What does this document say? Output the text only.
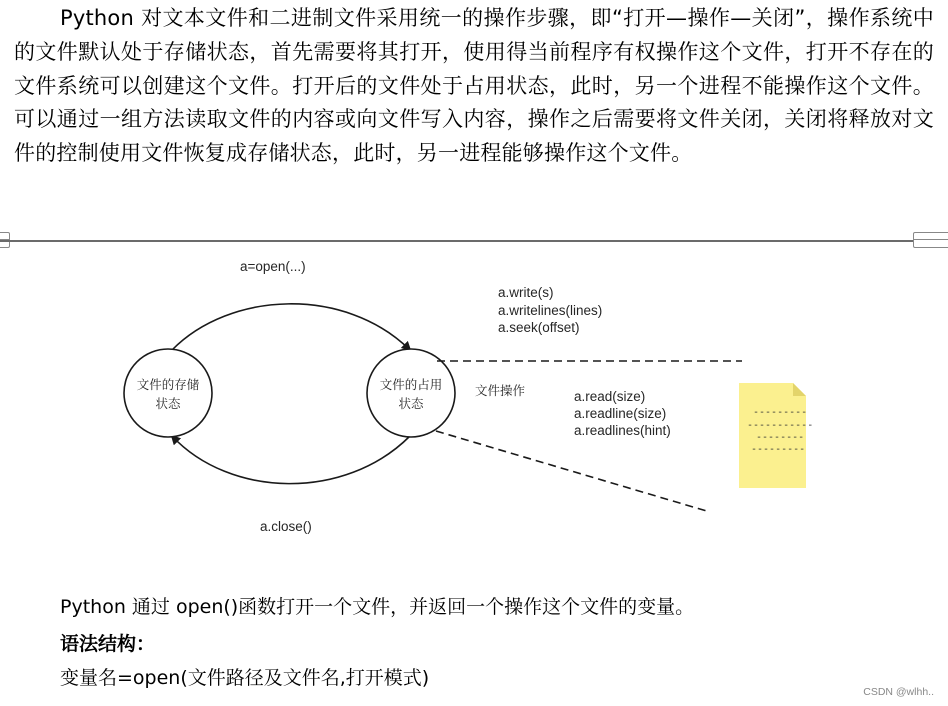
Python 对文本文件和二进制文件采用统一的操作步骤，即“打开—操作—关闭”，操作系统中的文件默认处于存储状态，首先需要将其打开，使用得当前程序有权操作这个文件，打开不存在的文件系统可以创建这个文件。打开后的文件处于占用状态，此时，另一个进程不能操作这个文件。可以通过一组方法读取文件的内容或向文件写入内容，操作之后需要将文件关闭，关闭将释放对文件的控制使用文件恢复成存储状态，此时，另一进程能够操作这个文件。

文件的存储
状态
文件的占用
状态
a=open(...)
a.close()
文件操作
a.write(s)
a.writelines(lines)
a.seek(offset)
a.read(size)
a.readline(size)
a.readlines(hint)
---------
-----------
--------
---------

Python 通过 open()函数打开一个文件，并返回一个操作这个文件的变量。

语法结构：

变量名=open(文件路径及文件名,打开模式)

CSDN @wlhh..
